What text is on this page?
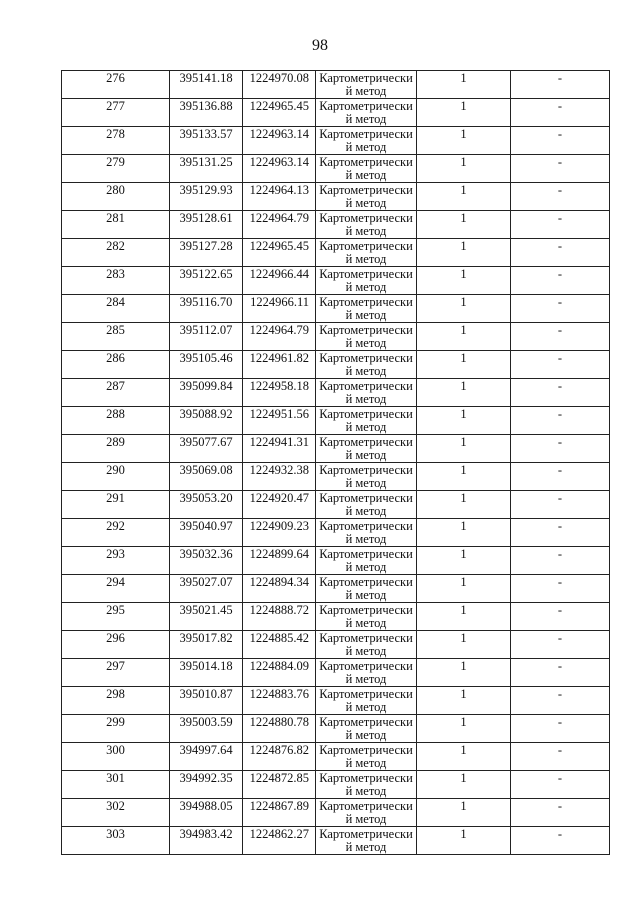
98
276	395141.18	1224970.08	Картометрически
й метод	1	-

277	395136.88	1224965.45	Картометрически
й метод	1	-

278	395133.57	1224963.14	Картометрически
й метод	1	-

279	395131.25	1224963.14	Картометрически
й метод	1	-

280	395129.93	1224964.13	Картометрически
й метод	1	-

281	395128.61	1224964.79	Картометрически
й метод	1	-

282	395127.28	1224965.45	Картометрически
й метод	1	-

283	395122.65	1224966.44	Картометрически
й метод	1	-

284	395116.70	1224966.11	Картометрически
й метод	1	-

285	395112.07	1224964.79	Картометрически
й метод	1	-

286	395105.46	1224961.82	Картометрически
й метод	1	-

287	395099.84	1224958.18	Картометрически
й метод	1	-

288	395088.92	1224951.56	Картометрически
й метод	1	-

289	395077.67	1224941.31	Картометрически
й метод	1	-

290	395069.08	1224932.38	Картометрически
й метод	1	-

291	395053.20	1224920.47	Картометрически
й метод	1	-

292	395040.97	1224909.23	Картометрически
й метод	1	-

293	395032.36	1224899.64	Картометрически
й метод	1	-

294	395027.07	1224894.34	Картометрически
й метод	1	-

295	395021.45	1224888.72	Картометрически
й метод	1	-

296	395017.82	1224885.42	Картометрически
й метод	1	-

297	395014.18	1224884.09	Картометрически
й метод	1	-

298	395010.87	1224883.76	Картометрически
й метод	1	-

299	395003.59	1224880.78	Картометрически
й метод	1	-

300	394997.64	1224876.82	Картометрически
й метод	1	-

301	394992.35	1224872.85	Картометрически
й метод	1	-

302	394988.05	1224867.89	Картометрически
й метод	1	-

303	394983.42	1224862.27	Картометрически
й метод	1	-
